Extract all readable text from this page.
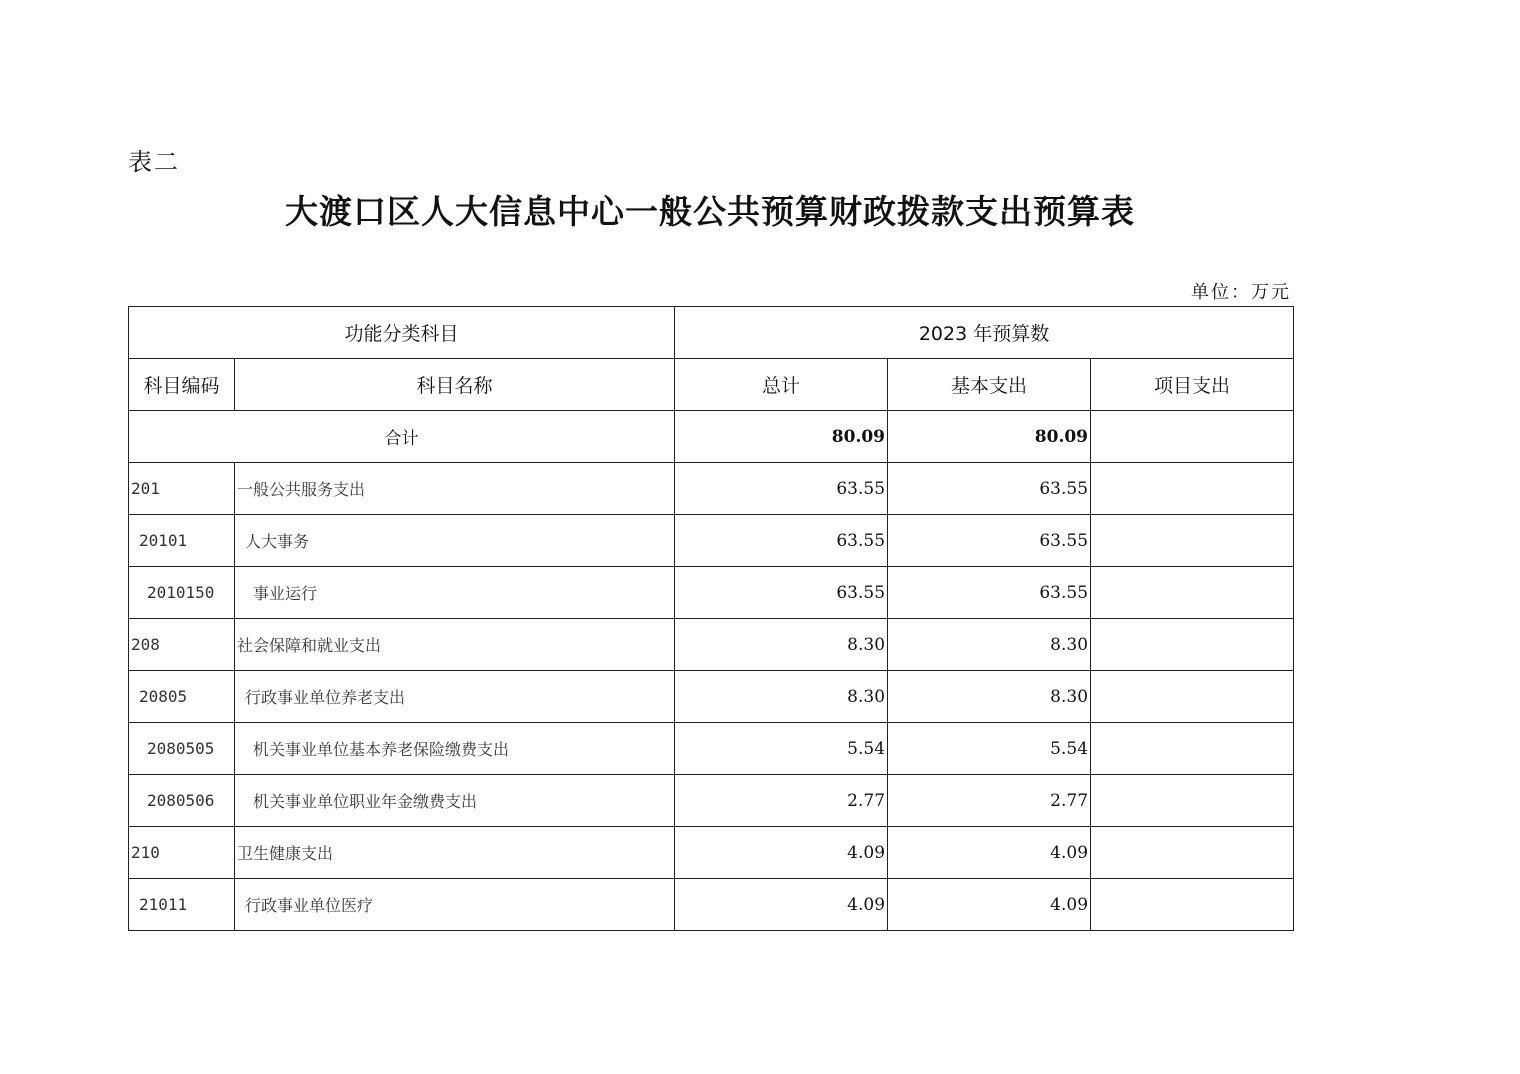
表二
大渡口区人大信息中心一般公共预算财政拨款支出预算表
单位：万元
功能分类科目		2023 年预算数		
科目编码	科目名称	总计	基本支出	项目支出
合计		80.09	80.09	
201	一般公共服务支出	63.55	63.55	
20101	人大事务	63.55	63.55	
2010150	事业运行	63.55	63.55	
208	社会保障和就业支出	8.30	8.30	
20805	行政事业单位养老支出	8.30	8.30	
2080505	机关事业单位基本养老保险缴费支出	5.54	5.54	
2080506	机关事业单位职业年金缴费支出	2.77	2.77	
210	卫生健康支出	4.09	4.09	
21011	行政事业单位医疗	4.09	4.09	
